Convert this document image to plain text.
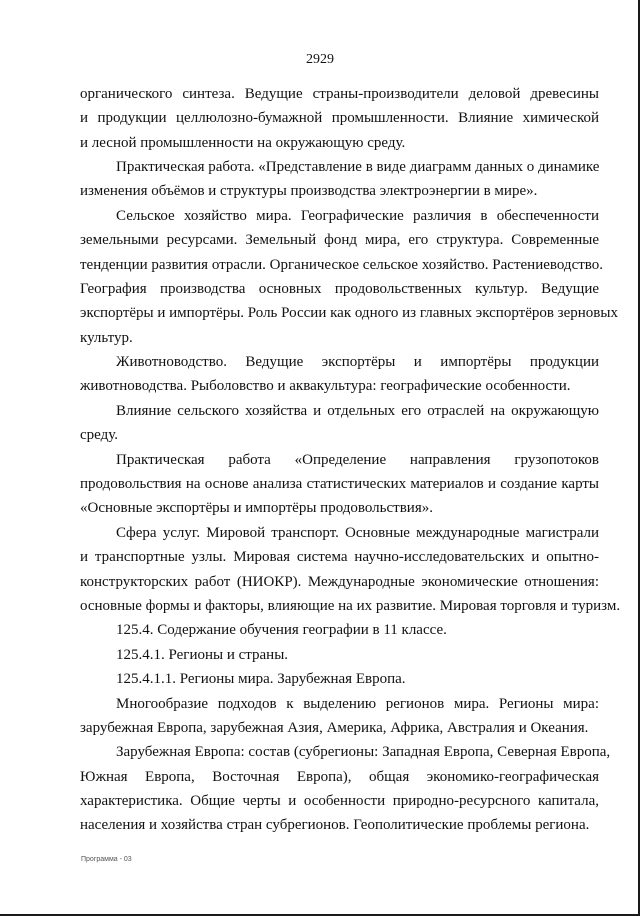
2929
органического синтеза. Ведущие страны-производители деловой древесины
и продукции целлюлозно-бумажной промышленности. Влияние химической
и лесной промышленности на окружающую среду.
Практическая работа. «Представление в виде диаграмм данных о динамике
изменения объёмов и структуры производства электроэнергии в мире».
Сельское хозяйство мира. Географические различия в обеспеченности
земельными ресурсами. Земельный фонд мира, его структура. Современные
тенденции развития отрасли. Органическое сельское хозяйство. Растениеводство.
География производства основных продовольственных культур. Ведущие
экспортёры и импортёры. Роль России как одного из главных экспортёров зерновых
культур.
Животноводство. Ведущие экспортёры и импортёры продукции
животноводства. Рыболовство и аквакультура: географические особенности.
Влияние сельского хозяйства и отдельных его отраслей на окружающую
среду.
Практическая работа «Определение направления грузопотоков
продовольствия на основе анализа статистических материалов и создание карты
«Основные экспортёры и импортёры продовольствия».
Сфера услуг. Мировой транспорт. Основные международные магистрали
и транспортные узлы. Мировая система научно-исследовательских и опытно-
конструкторских работ (НИОКР). Международные экономические отношения:
основные формы и факторы, влияющие на их развитие. Мировая торговля и туризм.
125.4. Содержание обучения географии в 11 классе.
125.4.1. Регионы и страны.
125.4.1.1. Регионы мира. Зарубежная Европа.
Многообразие подходов к выделению регионов мира. Регионы мира:
зарубежная Европа, зарубежная Азия, Америка, Африка, Австралия и Океания.
Зарубежная Европа: состав (субрегионы: Западная Европа, Северная Европа,
Южная Европа, Восточная Европа), общая экономико-географическая
характеристика. Общие черты и особенности природно-ресурсного капитала,
населения и хозяйства стран субрегионов. Геополитические проблемы региона.
Программа - 03
